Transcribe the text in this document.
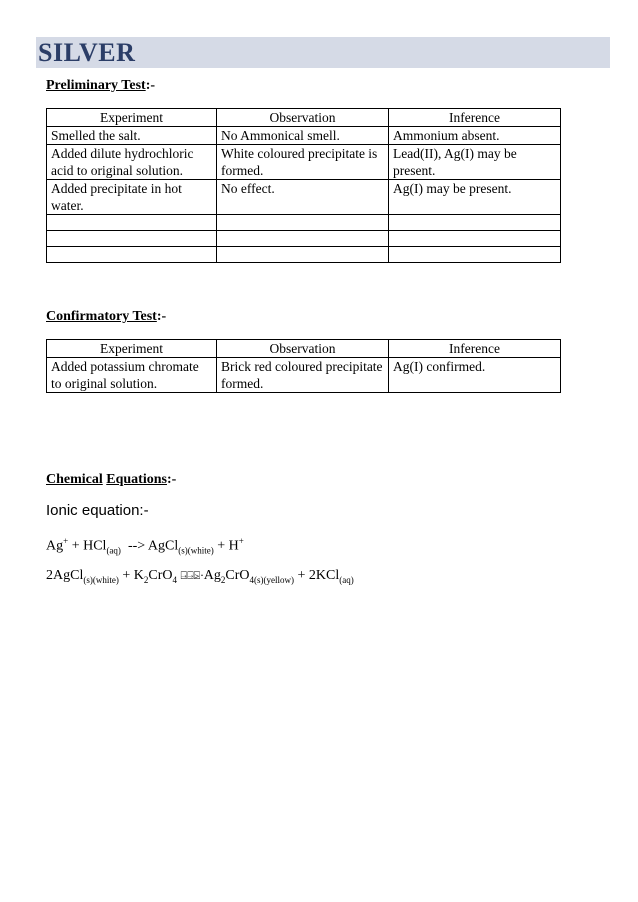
SILVER
Preliminary Test:-
Experiment	Observation	Inference
Smelled the salt.	No Ammonical smell.	Ammonium absent.
Added dilute hydrochloric acid to original solution.	White coloured precipitate is formed.	Lead(II), Ag(I) may be present.
Added precipitate in hot water.	No effect.	Ag(I) may be present.

Confirmatory Test:-
Experiment	Observation	Inference
Added potassium chromate to original solution.	Brick red coloured precipitate formed.	Ag(I) confirmed.
Chemical Equations:-
Ionic equation:-
Ag+ + HCl$_{(aq)}$  --> AgCl$_{(s)(white)}$ + H+
2AgCl$_{(s)(white)}$ + $K_2CrO_4$ $⍈⍈⍄\cdot Ag_2CrO_{4(s)(yellow)} + 2KCl_{(aq)}$
